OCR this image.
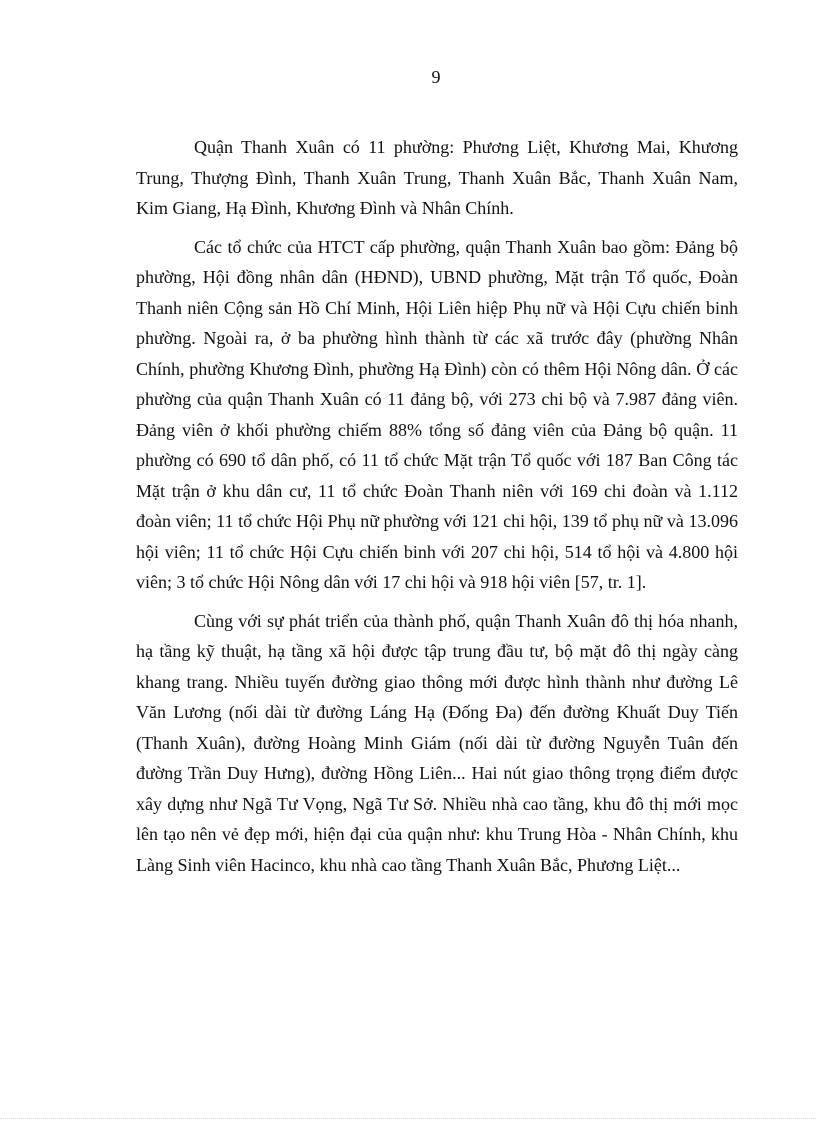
9

Quận Thanh Xuân có 11 phường: Phương Liệt, Khương Mai, Khương Trung, Thượng Đình, Thanh Xuân Trung, Thanh Xuân Bắc, Thanh Xuân Nam, Kim Giang, Hạ Đình, Khương Đình và Nhân Chính.

Các tổ chức của HTCT cấp phường, quận Thanh Xuân bao gồm: Đảng bộ phường, Hội đồng nhân dân (HĐND), UBND phường, Mặt trận Tổ quốc, Đoàn Thanh niên Cộng sản Hồ Chí Minh, Hội Liên hiệp Phụ nữ và Hội Cựu chiến binh phường. Ngoài ra, ở ba phường hình thành từ các xã trước đây (phường Nhân Chính, phường Khương Đình, phường Hạ Đình) còn có thêm Hội Nông dân. Ở các phường của quận Thanh Xuân có 11 đảng bộ, với 273 chi bộ và 7.987 đảng viên. Đảng viên ở khối phường chiếm 88% tổng số đảng viên của Đảng bộ quận. 11 phường có 690 tổ dân phố, có 11 tổ chức Mặt trận Tổ quốc với 187 Ban Công tác Mặt trận ở khu dân cư, 11 tổ chức Đoàn Thanh niên với 169 chi đoàn và 1.112 đoàn viên; 11 tổ chức Hội Phụ nữ phường với 121 chi hội, 139 tổ phụ nữ và 13.096 hội viên; 11 tổ chức Hội Cựu chiến binh với 207 chi hội, 514 tổ hội và 4.800 hội viên; 3 tổ chức Hội Nông dân với 17 chi hội và 918 hội viên [57, tr. 1].

Cùng với sự phát triển của thành phố, quận Thanh Xuân đô thị hóa nhanh, hạ tầng kỹ thuật, hạ tầng xã hội được tập trung đầu tư, bộ mặt đô thị ngày càng khang trang. Nhiều tuyến đường giao thông mới được hình thành như đường Lê Văn Lương (nối dài từ đường Láng Hạ (Đống Đa) đến đường Khuất Duy Tiến (Thanh Xuân), đường Hoàng Minh Giám (nối dài từ đường Nguyễn Tuân đến đường Trần Duy Hưng), đường Hồng Liên... Hai nút giao thông trọng điểm được xây dựng như Ngã Tư Vọng, Ngã Tư Sở. Nhiều nhà cao tầng, khu đô thị mới mọc lên tạo nên vẻ đẹp mới, hiện đại của quận như: khu Trung Hòa - Nhân Chính, khu Làng Sinh viên Hacinco, khu nhà cao tầng Thanh Xuân Bắc, Phương Liệt...
